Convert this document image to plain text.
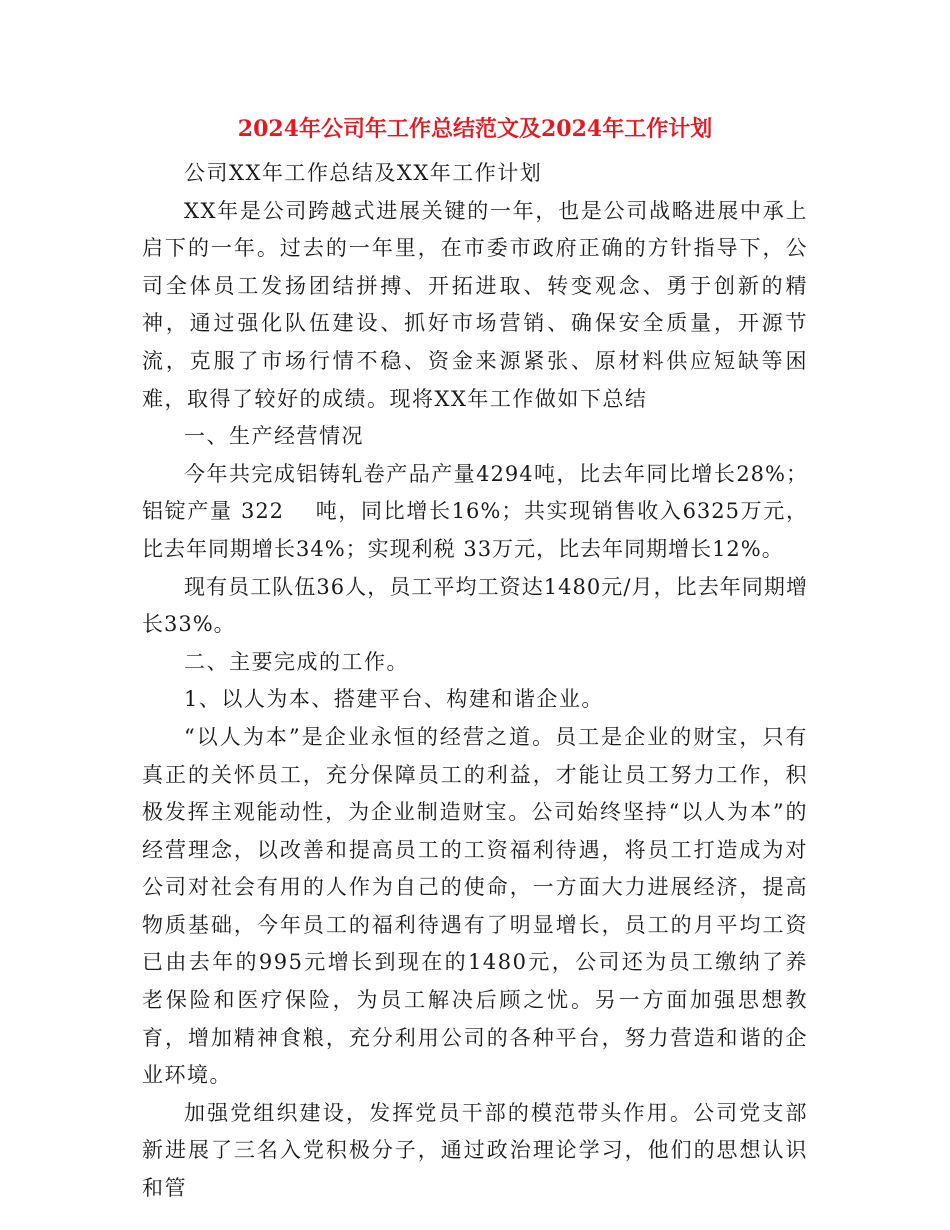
2024年公司年工作总结范文及2024年工作计划

公司XX年工作总结及XX年工作计划

XX年是公司跨越式进展关键的一年，也是公司战略进展中承上启下的一年。过去的一年里，在市委市政府正确的方针指导下，公司全体员工发扬团结拼搏、开拓进取、转变观念、勇于创新的精神，通过强化队伍建设、抓好市场营销、确保安全质量，开源节流，克服了市场行情不稳、资金来源紧张、原材料供应短缺等困难，取得了较好的成绩。现将XX年工作做如下总结

一、生产经营情况

今年共完成铝铸轧卷产品产量4294吨，比去年同比增长28%；铝锭产量 322　 吨，同比增长16%；共实现销售收入6325万元，比去年同期增长34%；实现利税 33万元，比去年同期增长12%。

现有员工队伍36人，员工平均工资达1480元/月，比去年同期增长33%。

二、主要完成的工作。

1、以人为本、搭建平台、构建和谐企业。

“以人为本”是企业永恒的经营之道。员工是企业的财宝，只有真正的关怀员工，充分保障员工的利益，才能让员工努力工作，积极发挥主观能动性，为企业制造财宝。公司始终坚持“以人为本”的经营理念，以改善和提高员工的工资福利待遇，将员工打造成为对公司对社会有用的人作为自己的使命，一方面大力进展经济，提高物质基础，今年员工的福利待遇有了明显增长，员工的月平均工资已由去年的995元增长到现在的1480元，公司还为员工缴纳了养老保险和医疗保险，为员工解决后顾之忧。另一方面加强思想教育，增加精神食粮，充分利用公司的各种平台，努力营造和谐的企业环境。

加强党组织建设，发挥党员干部的模范带头作用。公司党支部新进展了三名入党积极分子，通过政治理论学习，他们的思想认识和管
